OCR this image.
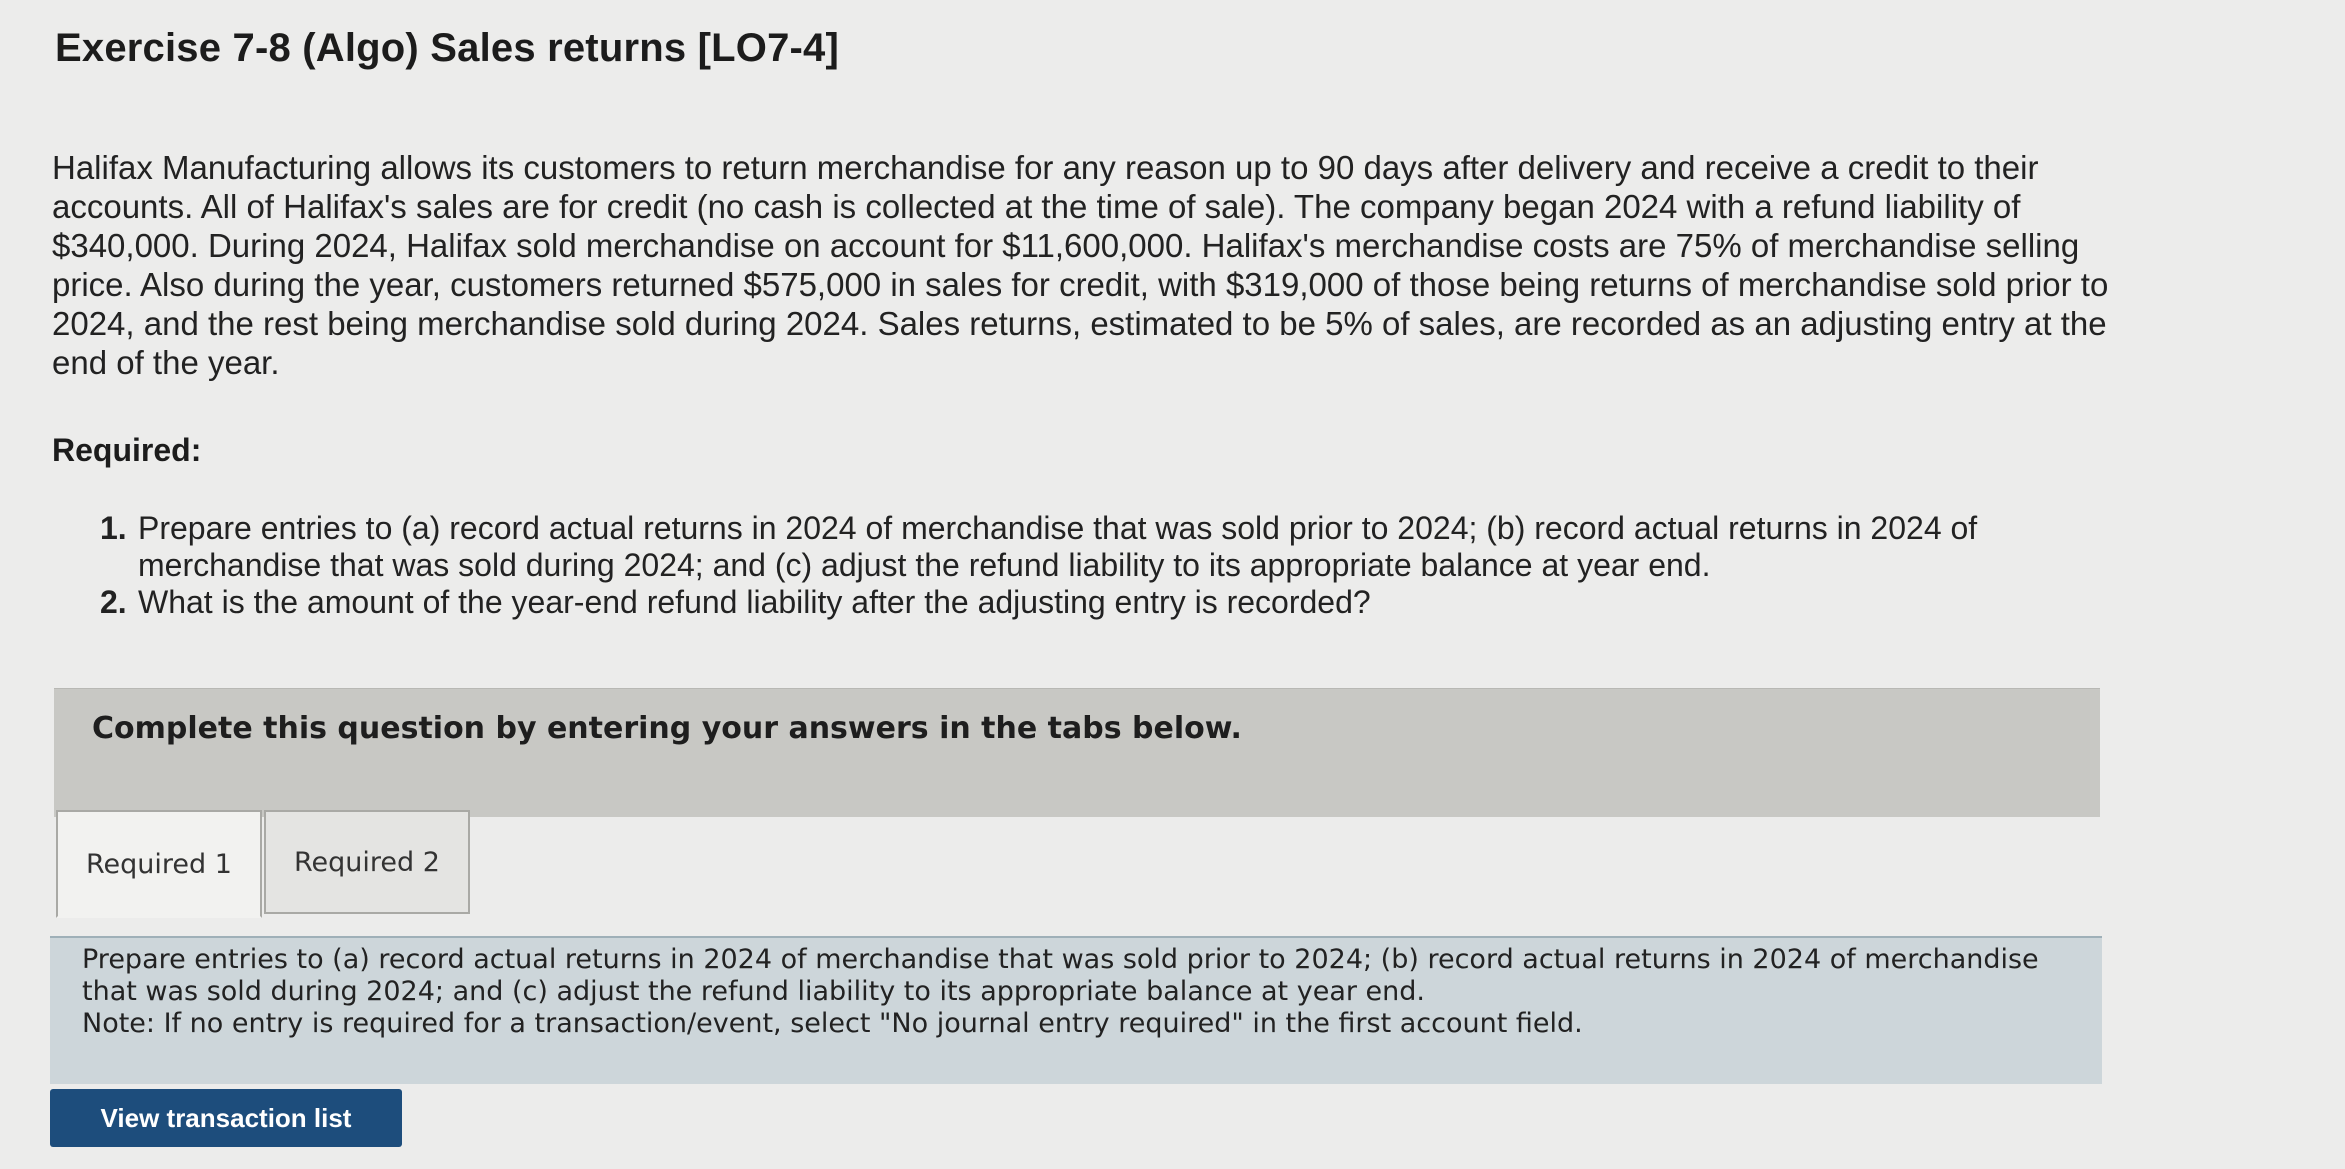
Exercise 7-8 (Algo) Sales returns [LO7-4]

Halifax Manufacturing allows its customers to return merchandise for any reason up to 90 days after delivery and receive a credit to their accounts. All of Halifax's sales are for credit (no cash is collected at the time of sale). The company began 2024 with a refund liability of $340,000. During 2024, Halifax sold merchandise on account for $11,600,000. Halifax's merchandise costs are 75% of merchandise selling price. Also during the year, customers returned $575,000 in sales for credit, with $319,000 of those being returns of merchandise sold prior to 2024, and the rest being merchandise sold during 2024. Sales returns, estimated to be 5% of sales, are recorded as an adjusting entry at the end of the year.

Required:
1. Prepare entries to (a) record actual returns in 2024 of merchandise that was sold prior to 2024; (b) record actual returns in 2024 of merchandise that was sold during 2024; and (c) adjust the refund liability to its appropriate balance at year end.
2. What is the amount of the year-end refund liability after the adjusting entry is recorded?

Complete this question by entering your answers in the tabs below.

Required 1	Required 2

Prepare entries to (a) record actual returns in 2024 of merchandise that was sold prior to 2024; (b) record actual returns in 2024 of merchandise that was sold during 2024; and (c) adjust the refund liability to its appropriate balance at year end.

Note: If no entry is required for a transaction/event, select "No journal entry required" in the first account field.

View transaction list
